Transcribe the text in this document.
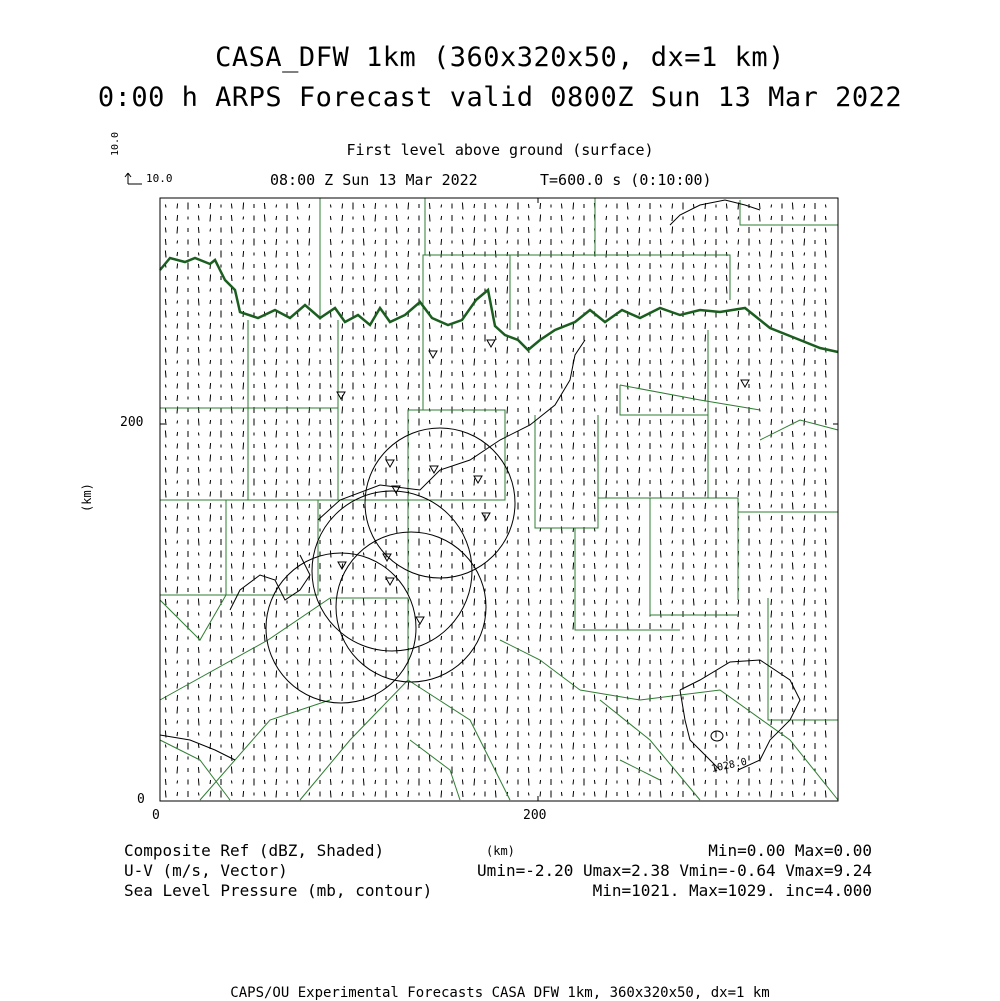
CASA_DFW 1km (360x320x50, dx=1 km)
0:00 h ARPS Forecast valid 0800Z Sun 13 Mar 2022
First level above ground (surface)
08:00 Z Sun 13 Mar 2022	T=600.0 s (0:10:00)
10.0
10.0
1028.0
200
0
0	200
(km)
(km)
Composite Ref (dBZ, Shaded)
U-V (m/s, Vector)
Sea Level Pressure (mb, contour)
Min=0.00 Max=0.00
Umin=-2.20 Umax=2.38 Vmin=-0.64 Vmax=9.24
Min=1021. Max=1029. inc=4.000
CAPS/OU Experimental Forecasts CASA DFW 1km, 360x320x50, dx=1 km
